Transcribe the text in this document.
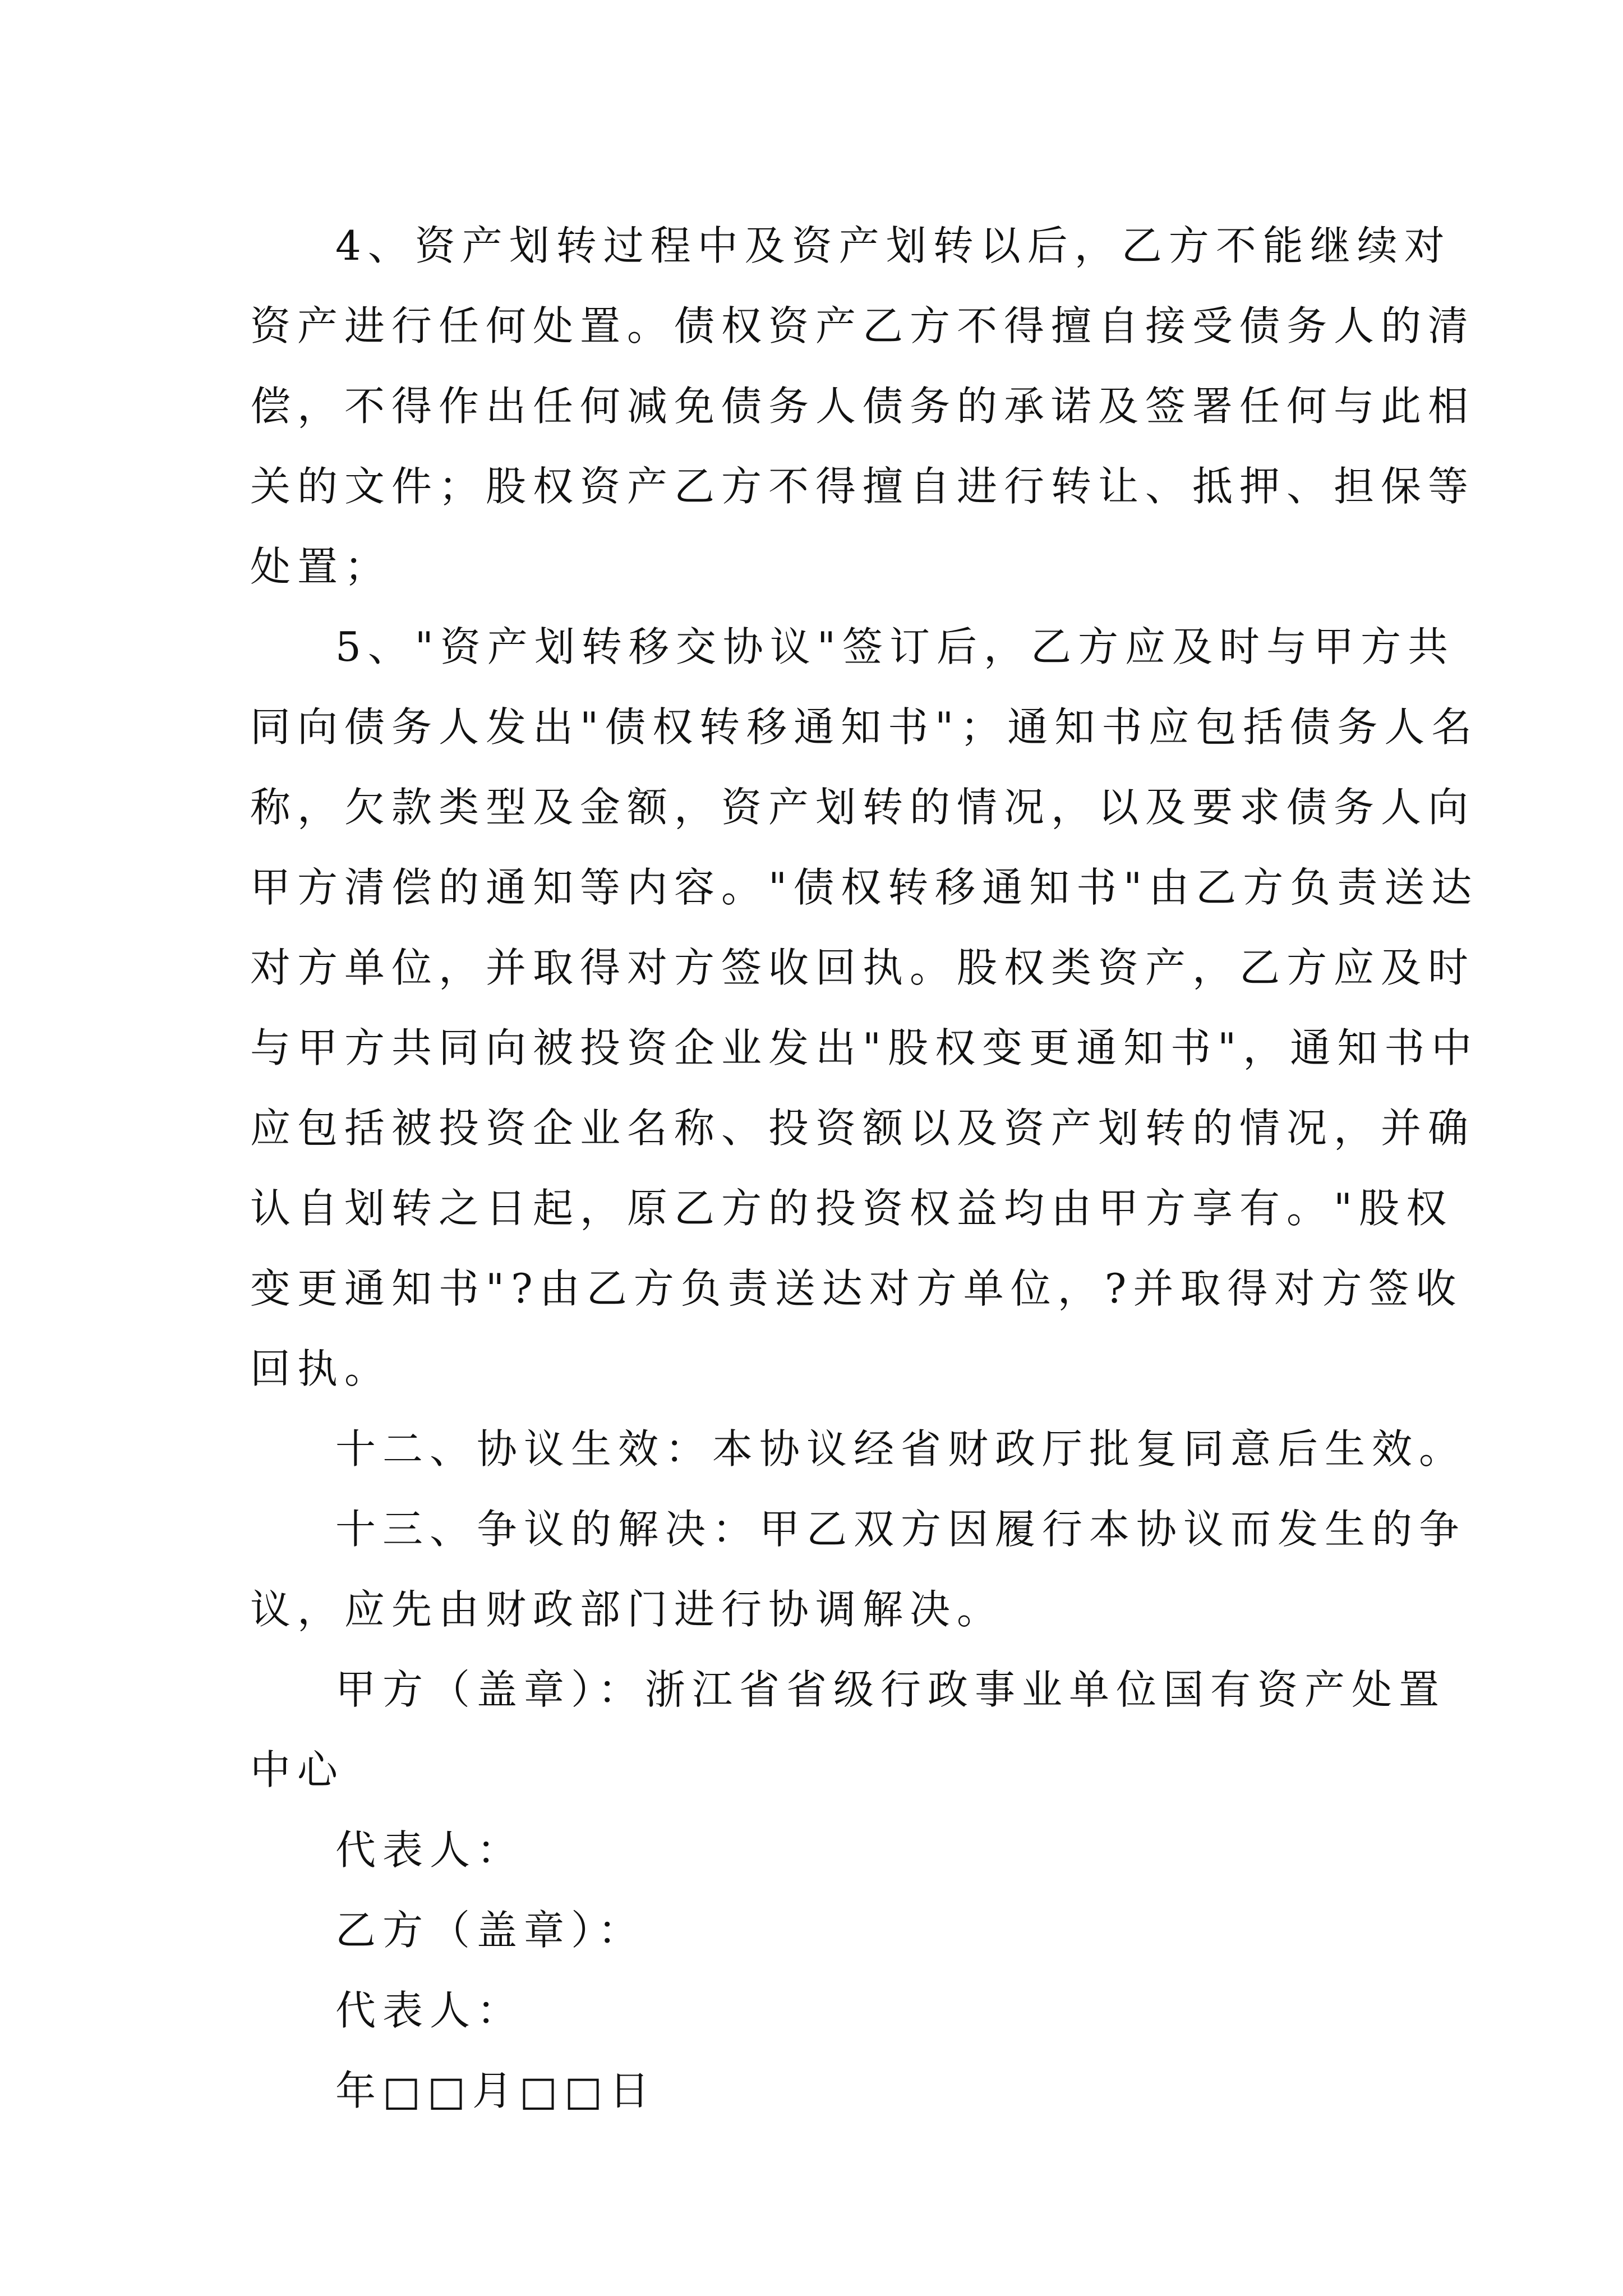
4、资产划转过程中及资产划转以后，乙方不能继续对
资产进行任何处置。债权资产乙方不得擅自接受债务人的清
偿，不得作出任何减免债务人债务的承诺及签署任何与此相
关的文件；股权资产乙方不得擅自进行转让、抵押、担保等
处置；
5、"资产划转移交协议"签订后，乙方应及时与甲方共
同向债务人发出"债权转移通知书"；通知书应包括债务人名
称，欠款类型及金额，资产划转的情况，以及要求债务人向
甲方清偿的通知等内容。"债权转移通知书"由乙方负责送达
对方单位，并取得对方签收回执。股权类资产，乙方应及时
与甲方共同向被投资企业发出"股权变更通知书"，通知书中
应包括被投资企业名称、投资额以及资产划转的情况，并确
认自划转之日起，原乙方的投资权益均由甲方享有。"股权
变更通知书"?由乙方负责送达对方单位，?并取得对方签收
回执。
十二、协议生效：本协议经省财政厅批复同意后生效。
十三、争议的解决：甲乙双方因履行本协议而发生的争
议，应先由财政部门进行协调解决。
甲方（盖章）：浙江省省级行政事业单位国有资产处置
中心
代表人：
乙方（盖章）：
代表人：
年□□月□□日
